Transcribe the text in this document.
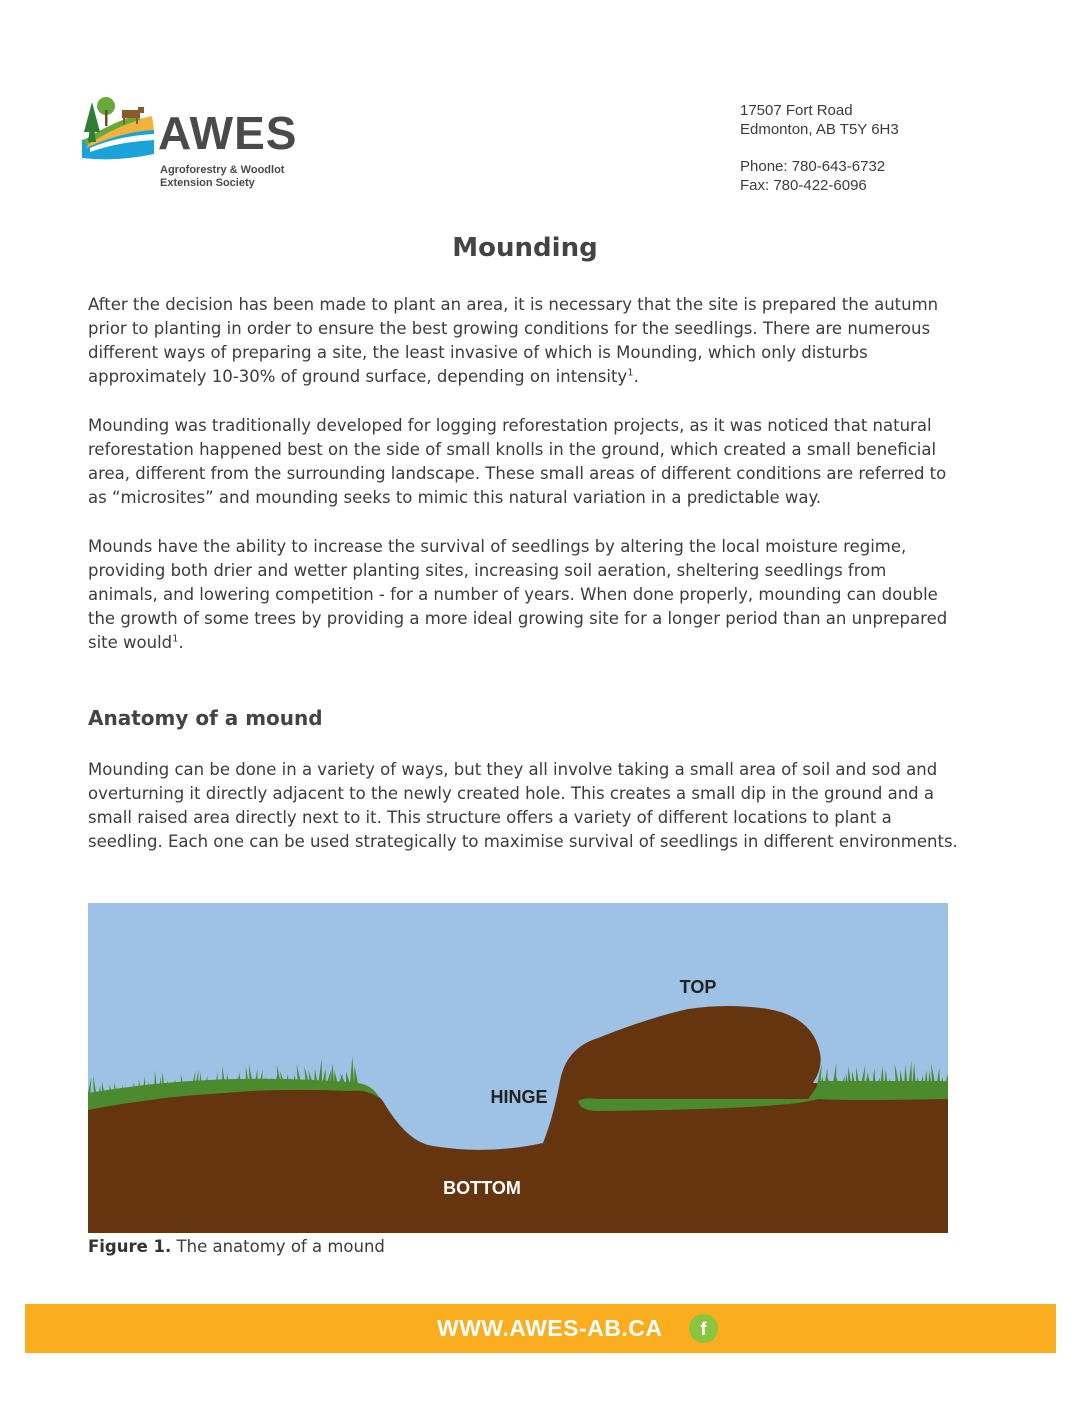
AWES
Agroforestry & Woodlot
Extension Society
17507 Fort Road
Edmonton, AB T5Y 6H3
Phone: 780-643-6732
Fax: 780-422-6096
Mounding

After the decision has been made to plant an area, it is necessary that the site is prepared the autumn prior to planting in order to ensure the best growing conditions for the seedlings. There are numerous different ways of preparing a site, the least invasive of which is Mounding, which only disturbs approximately 10-30% of ground surface, depending on intensity$^1$.

Mounding was traditionally developed for logging reforestation projects, as it was noticed that natural reforestation happened best on the side of small knolls in the ground, which created a small beneficial area, different from the surrounding landscape. These small areas of different conditions are referred to as “microsites” and mounding seeks to mimic this natural variation in a predictable way.

Mounds have the ability to increase the survival of seedlings by altering the local moisture regime, providing both drier and wetter planting sites, increasing soil aeration, sheltering seedlings from animals, and lowering competition - for a number of years. When done properly, mounding can double the growth of some trees by providing a more ideal growing site for a longer period than an unprepared site would$^1$.

Anatomy of a mound

Mounding can be done in a variety of ways, but they all involve taking a small area of soil and sod and overturning it directly adjacent to the newly created hole. This creates a small dip in the ground and a small raised area directly next to it. This structure offers a variety of different locations to plant a seedling. Each one can be used strategically to maximise survival of seedlings in different environments.

TOP
HINGE
BOTTOM

Figure 1. The anatomy of a mound

WWW.AWES-AB.CA	f
